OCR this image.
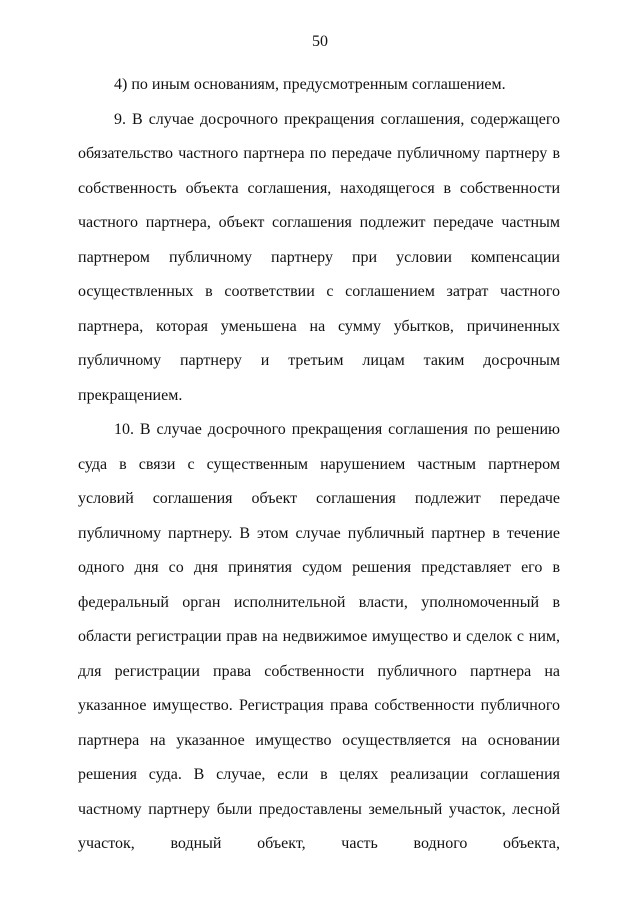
50

4) по иным основаниям, предусмотренным соглашением.

9. В случае досрочного прекращения соглашения, содержащего обязательство частного партнера по передаче публичному партнеру в собственность объекта соглашения, находящегося в собственности частного партнера, объект соглашения подлежит передаче частным партнером публичному партнеру при условии компенсации осуществленных в соответствии с соглашением затрат частного партнера, которая уменьшена на сумму убытков, причиненных публичному партнеру и третьим лицам таким досрочным прекращением.

10. В случае досрочного прекращения соглашения по решению суда в связи с существенным нарушением частным партнером условий соглашения объект соглашения подлежит передаче публичному партнеру. В этом случае публичный партнер в течение одного дня со дня принятия судом решения представляет его в федеральный орган исполнительной власти, уполномоченный в области регистрации прав на недвижимое имущество и сделок с ним, для регистрации права собственности публичного партнера на указанное имущество. Регистрация права собственности публичного партнера на указанное имущество осуществляется на основании решения суда. В случае, если в целях реализации соглашения частному партнеру были предоставлены земельный участок, лесной участок, водный объект, часть водного объекта,
